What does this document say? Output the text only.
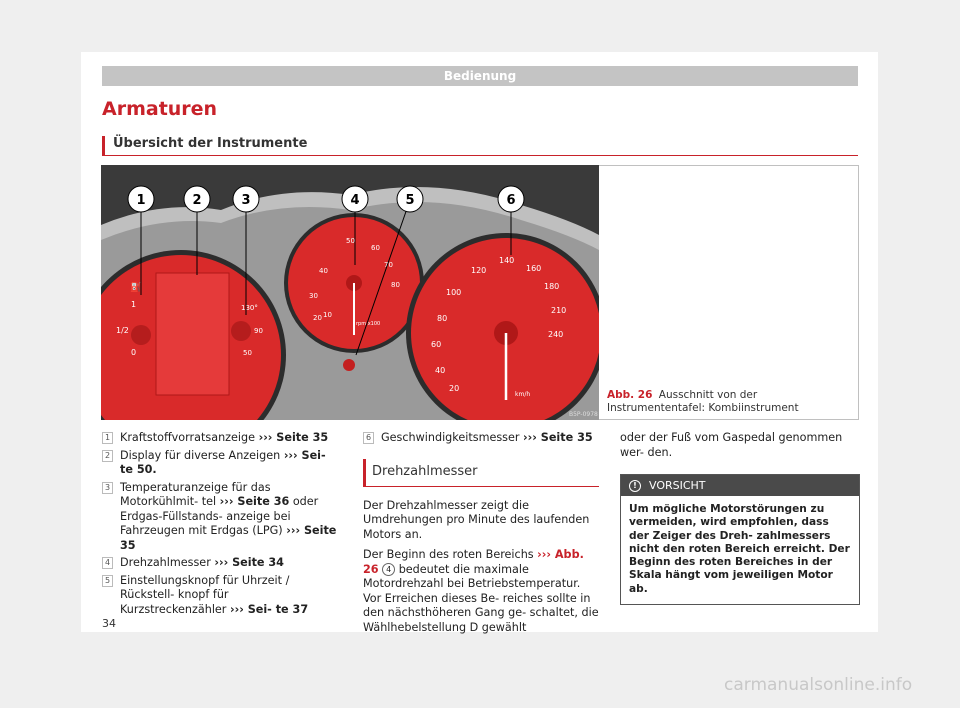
Bedienung
Armaturen
Übersicht der Instrumente
⛽
1/2
1
0
130°
90
50
20
30
40
50
60
70
80
10
rpm x100
20
40
60
80
100
120
140
160
180
210
240
km/h
B5P-0978
1	2	3	4	5	6
Abb. 26 Ausschnitt von der Instrumententafel: Kombiinstrument
1 Kraftstoffvorratsanzeige ››› Seite 35
2 Display für diverse Anzeigen ››› Sei- te 50.
3 Temperaturanzeige für das Motorkühlmit- tel ››› Seite 36 oder Erdgas-Füllstands- anzeige bei Fahrzeugen mit Erdgas (LPG) ››› Seite 35
4 Drehzahlmesser ››› Seite 34
5 Einstellungsknopf für Uhrzeit / Rückstell- knopf für Kurzstreckenzähler ››› Sei- te 37
6 Geschwindigkeitsmesser ››› Seite 35
Drehzahlmesser

Der Drehzahlmesser zeigt die Umdrehungen pro Minute des laufenden Motors an.

Der Beginn des roten Bereichs ››› Abb. 26 4 bedeutet die maximale Motordrehzahl bei Betriebstemperatur. Vor Erreichen dieses Be- reiches sollte in den nächsthöheren Gang ge- schaltet, die Wählhebelstellung D gewählt

oder der Fuß vom Gaspedal genommen wer- den.

!	VORSICHT
Um mögliche Motorstörungen zu vermeiden, wird empfohlen, dass der Zeiger des Dreh- zahlmessers nicht den roten Bereich erreicht. Der Beginn des roten Bereiches in der Skala hängt vom jeweiligen Motor ab.
34
carmanualsonline.info
